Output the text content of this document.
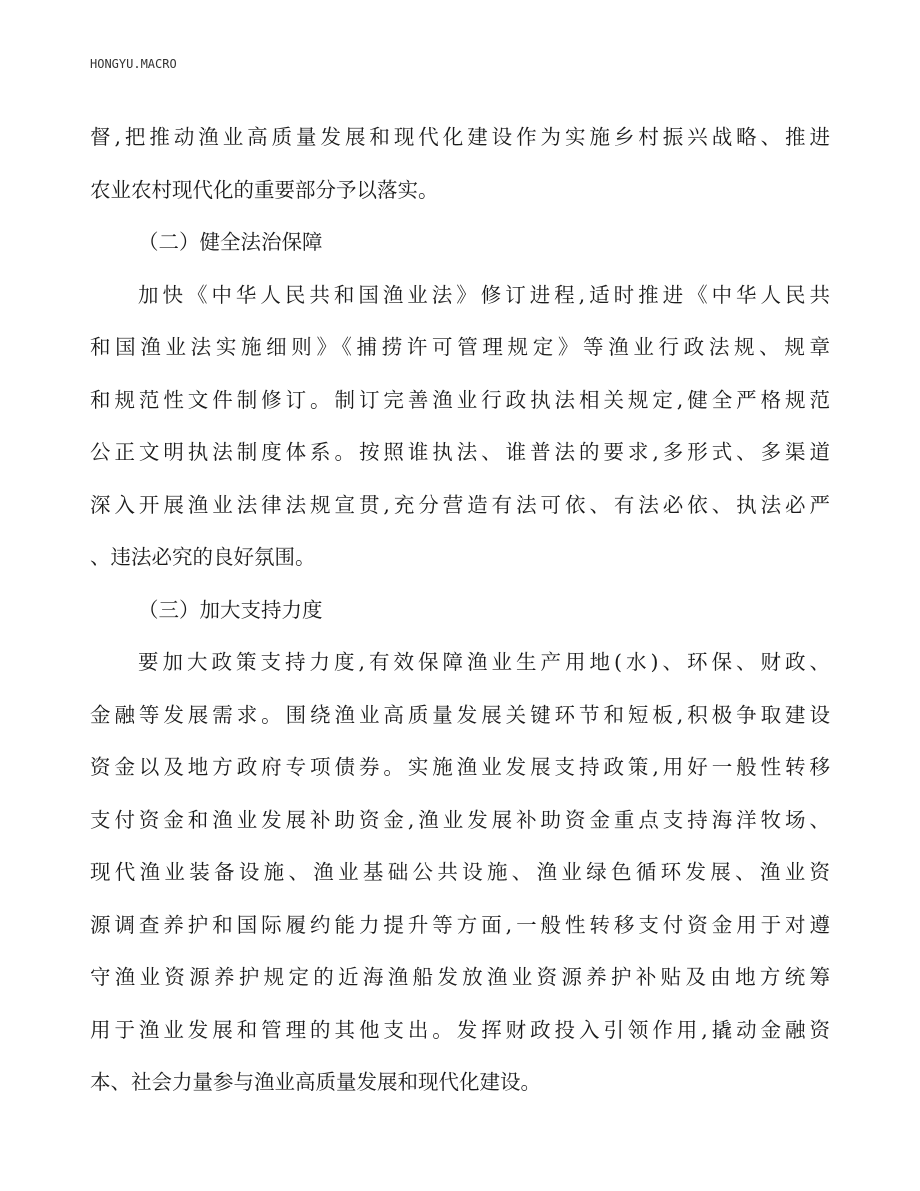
HONGYU.MACRO
督,把推动渔业高质量发展和现代化建设作为实施乡村振兴战略、推进
农业农村现代化的重要部分予以落实。
（二）健全法治保障
加快《中华人民共和国渔业法》修订进程,适时推进《中华人民共
和国渔业法实施细则》《捕捞许可管理规定》等渔业行政法规、规章
和规范性文件制修订。制订完善渔业行政执法相关规定,健全严格规范
公正文明执法制度体系。按照谁执法、谁普法的要求,多形式、多渠道
深入开展渔业法律法规宣贯,充分营造有法可依、有法必依、执法必严
、违法必究的良好氛围。
（三）加大支持力度
要加大政策支持力度,有效保障渔业生产用地(水)、环保、财政、
金融等发展需求。围绕渔业高质量发展关键环节和短板,积极争取建设
资金以及地方政府专项债券。实施渔业发展支持政策,用好一般性转移
支付资金和渔业发展补助资金,渔业发展补助资金重点支持海洋牧场、
现代渔业装备设施、渔业基础公共设施、渔业绿色循环发展、渔业资
源调查养护和国际履约能力提升等方面,一般性转移支付资金用于对遵
守渔业资源养护规定的近海渔船发放渔业资源养护补贴及由地方统筹
用于渔业发展和管理的其他支出。发挥财政投入引领作用,撬动金融资
本、社会力量参与渔业高质量发展和现代化建设。
